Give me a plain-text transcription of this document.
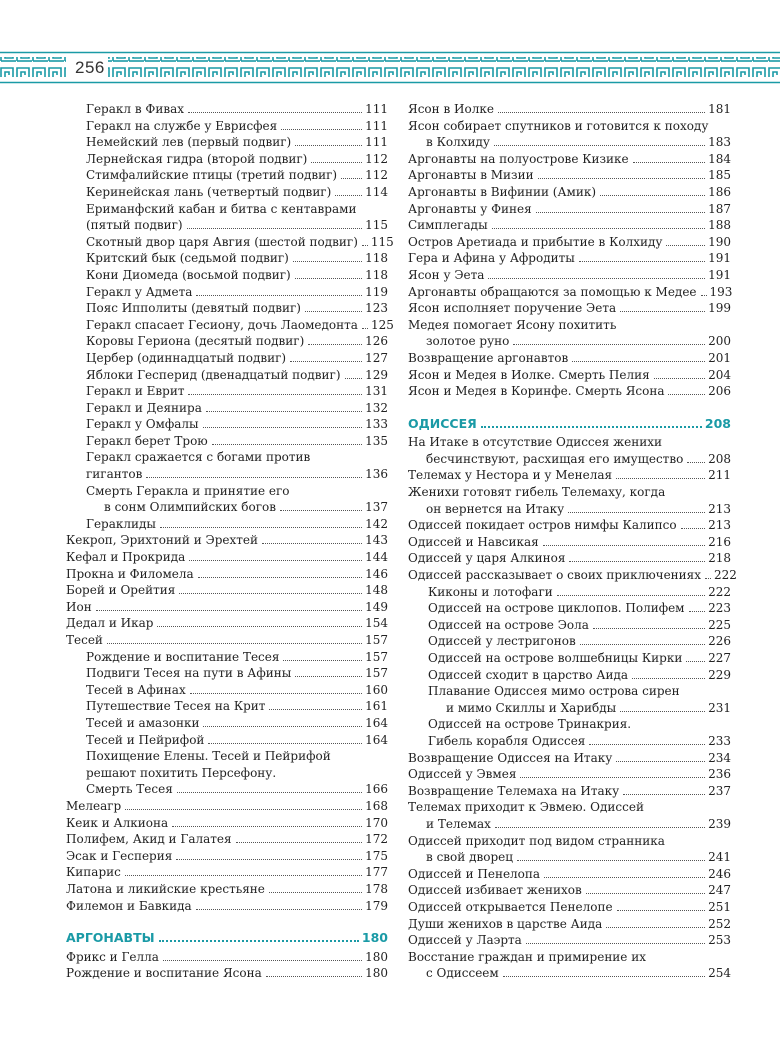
256
Геракл в Фивах	111
Геракл на службе у Еврисфея	111
Немейский лев (первый подвиг)	111
Лернейская гидра (второй подвиг)	112
Стимфалийские птицы (третий подвиг) 112
Керинейская лань (четвертый подвиг)	114
Ериманфский кабан и битва с кентаврами
(пятый подвиг)	115
Скотный двор царя Авгия (шестой подвиг) 115
Критский бык (седьмой подвиг)	118
Кони Диомеда (восьмой подвиг)	118
Геракл у Адмета	119
Пояс Ипполиты (девятый подвиг)	123
Геракл спасает Гесиону, дочь Лаомедонта 125
Коровы Гериона (десятый подвиг)	126
Цербер (одиннадцатый подвиг)	127
Яблоки Гесперид (двенадцатый подвиг) 129
Геракл и Еврит	131
Геракл и Деянира	132
Геракл у Омфалы	133
Геракл берет Трою	135
Геракл сражается с богами против
гигантов	136
Смерть Геракла и принятие его
в сонм Олимпийских богов	137
Гераклиды	142
Кекроп, Эрихтоний и Эрехтей	143
Кефал и Прокрида	144
Прокна и Филомела	146
Борей и Орейтия	148
Ион	149
Дедал и Икар	154
Тесей	157
Рождение и воспитание Тесея	157
Подвиги Тесея на пути в Афины	157
Тесей в Афинах	160
Путешествие Тесея на Крит	161
Тесей и амазонки	164
Тесей и Пейрифой	164
Похищение Елены. Тесей и Пейрифой
решают похитить Персефону.
Смерть Тесея	166
Мелеагр	168
Кеик и Алкиона	170
Полифем, Акид и Галатея	172
Эсак и Гесперия	175
Кипарис	177
Латона и ликийские крестьяне	178
Филемон и Бавкида	179
АРГОНАВТЫ	180
Фрикс и Гелла	180
Рождение и воспитание Ясона	180
Ясон в Иолке	181
Ясон собирает спутников и готовится к походу
в Колхиду	183
Аргонавты на полуострове Кизике	184
Аргонавты в Мизии	185
Аргонавты в Вифинии (Амик)	186
Аргонавты у Финея	187
Симплегады	188
Остров Аретиада и прибытие в Колхиду	190
Гера и Афина у Афродиты	191
Ясон у Эета	191
Аргонавты обращаются за помощью к Медее 193
Ясон исполняет поручение Эета	199
Медея помогает Ясону похитить
золотое руно	200
Возвращение аргонавтов	201
Ясон и Медея в Иолке. Смерть Пелия	204
Ясон и Медея в Коринфе. Смерть Ясона	206
ОДИССЕЯ	208
На Итаке в отсутствие Одиссея женихи
бесчинствуют, расхищая его имущество 208
Телемах у Нестора и у Менелая	211
Женихи готовят гибель Телемаху, когда
он вернется на Итаку	213
Одиссей покидает остров нимфы Калипсо	213
Одиссей и Навсикая	216
Одиссей у царя Алкиноя	218
Одиссей рассказывает о своих приключениях 222
Киконы и лотофаги	222
Одиссей на острове циклопов. Полифем 223
Одиссей на острове Эола	225
Одиссей у лестригонов	226
Одиссей на острове волшебницы Кирки 227
Одиссей сходит в царство Аида	229
Плавание Одиссея мимо острова сирен
и мимо Скиллы и Харибды	231
Одиссей на острове Тринакрия.
Гибель корабля Одиссея	233
Возвращение Одиссея на Итаку	234
Одиссей у Эвмея	236
Возвращение Телемаха на Итаку	237
Телемах приходит к Эвмею. Одиссей
и Телемах	239
Одиссей приходит под видом странника
в свой дворец	241
Одиссей и Пенелопа	246
Одиссей избивает женихов	247
Одиссей открывается Пенелопе	251
Души женихов в царстве Аида	252
Одиссей у Лаэрта	253
Восстание граждан и примирение их
с Одиссеем	254
